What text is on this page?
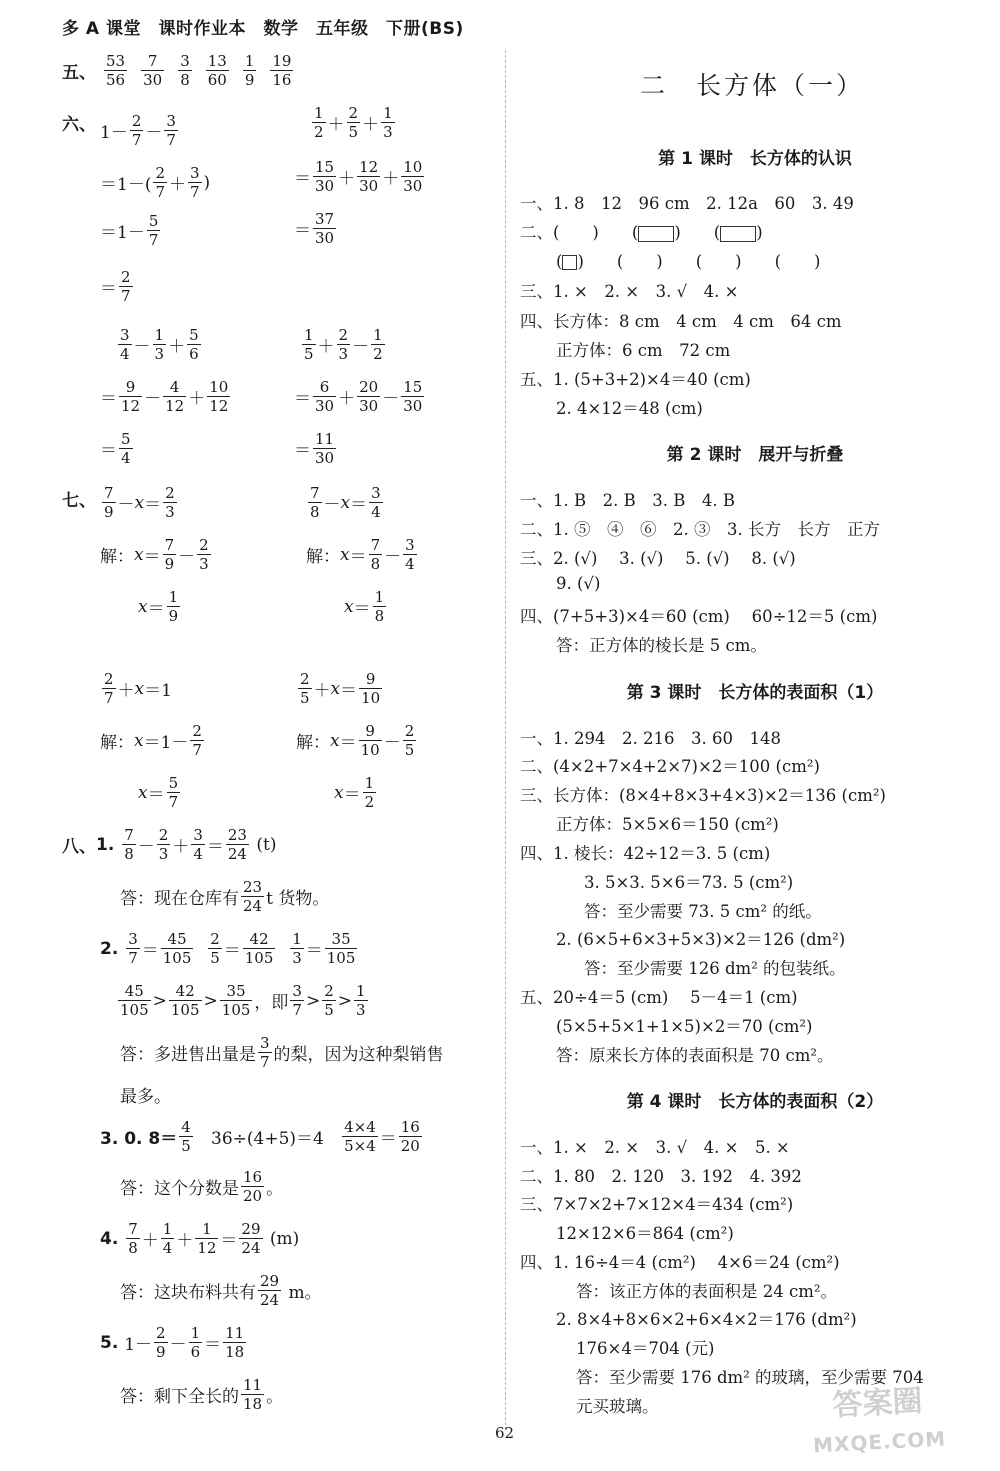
多 A 课堂　课时作业本　数学　五年级　下册(BS)
五、 $\frac{53}{56} \frac{7}{30} \frac{3}{8} \frac{13}{60} \frac{1}{9} \frac{19}{16}$
六、 $1- \frac{2}{7} - \frac{3}{7}$
$=1-( \frac{2}{7} + \frac{3}{7}$ )
$=1- \frac{5}{7}$
＝ $\frac{2}{7}$
$\frac{1}{2} + \frac{2}{5} + \frac{1}{3}$
＝ $\frac{15}{30} + \frac{12}{30} + \frac{10}{30}$
＝ $\frac{37}{30}$
$\frac{3}{4} - \frac{1}{3} + \frac{5}{6}$
＝ $\frac{9}{12} - \frac{4}{12} + \frac{10}{12}$
＝ $\frac{5}{4}$
$\frac{1}{5} + \frac{2}{3} - \frac{1}{2}$
＝ $\frac{6}{30} + \frac{20}{30} - \frac{15}{30}$
＝ $\frac{11}{30}$
七、 $\frac{7}{9} - x = \frac{2}{3}$
解： $x = \frac{7}{9} - \frac{2}{3}$
$x = \frac{1}{9}$
$\frac{7}{8} - x = \frac{3}{4}$
解： $x = \frac{7}{8} - \frac{3}{4}$
$x = \frac{1}{8}$
$\frac{2}{7} + x =1$
解： $x =1- \frac{2}{7}$
$x = \frac{5}{7}$
$\frac{2}{5} + x = \frac{9}{10}$
解： $x = \frac{9}{10} - \frac{2}{5}$
$x = \frac{1}{2}$
八、 1. $\frac{7}{8} - \frac{2}{3} + \frac{3}{4} = \frac{23}{24}$
(t)
答： 现在仓库有 $\frac{23}{24}$ t 货物。
2. $\frac{3}{7} = \frac{45}{105}$
$\frac{2}{5} = \frac{42}{105}$
$\frac{1}{3} = \frac{35}{105}$
$\frac{45}{105} > \frac{42}{105} > \frac{35}{105}$ ，即 $\frac{3}{7} > \frac{2}{5} > \frac{1}{3}$
答： 多进售出量是 $\frac{3}{7}$ 的梨，因为这种梨销售
最多。
3. 0. $8= \frac{4}{5}$
36÷(4+5)＝4
$\frac{4\times 4}{5\times 4} = \frac{16}{20}$
答： 这个分数是 $\frac{16}{20}$ 。
4. $\frac{7}{8} + \frac{1}{4} + \frac{1}{12} = \frac{29}{24}$
(m)
答： 这块布料共有 $\frac{29}{24}$
m。
5. $1- \frac{2}{9} - \frac{1}{6} = \frac{11}{18}$
答： 剩下全长的 $\frac{11}{18}$ 。
二　长方体（一）
第 1 课时　长方体的认识
一、1. 8　12　96 cm　2. 12a　60　3. 49
二、(　　)　　( )　　( )
( )　　(　　)　　(　　)　　(　　)
三、1. ×　2. ×　3. √　4. ×
四、长方体：8 cm　4 cm　4 cm　64 cm
正方体：6 cm　72 cm
五、1. (5+3+2)×4＝40 (cm)
2. 4×12＝48 (cm)
第 2 课时　展开与折叠
一、1. B　2. B　3. B　4. B
二、1. ⑤　④　⑥　2. ③　3. 长方　长方　正方
三、2. (√)　 3. (√)　 5. (√)　 8. (√)
9. (√)
四、(7+5+3)×4＝60 (cm)　 60÷12＝5 (cm)
答：正方体的棱长是 5 cm。
第 3 课时　长方体的表面积（1）
一、1. 294　2. 216　3. 60　148
二、(4×2+7×4+2×7)×2＝100 (cm²)
三、长方体：(8×4+8×3+4×3)×2＝136 (cm²)
正方体：5×5×6＝150 (cm²)
四、1. 棱长：42÷12＝3. 5 (cm)
3. 5×3. 5×6＝73. 5 (cm²)
答：至少需要 73. 5 cm² 的纸。
2. (6×5+6×3+5×3)×2＝126 (dm²)
答：至少需要 126 dm² 的包装纸。
五、20÷4＝5 (cm)　 5－4＝1 (cm)
(5×5+5×1+1×5)×2＝70 (cm²)
答：原来长方体的表面积是 70 cm²。
第 4 课时　长方体的表面积（2）
一、1. ×　2. ×　3. √　4. ×　5. ×
二、1. 80　2. 120　3. 192　4. 392
三、7×7×2+7×12×4＝434 (cm²)
12×12×6＝864 (cm²)
四、1. 16÷4＝4 (cm²)　 4×6＝24 (cm²)
答：该正方体的表面积是 24 cm²。
2. 8×4+8×6×2+6×4×2＝176 (dm²)
176×4＝704 (元)
答：至少需要 176 dm² 的玻璃，至少需要 704
元买玻璃。
62
答案圈
MXQE.COM
